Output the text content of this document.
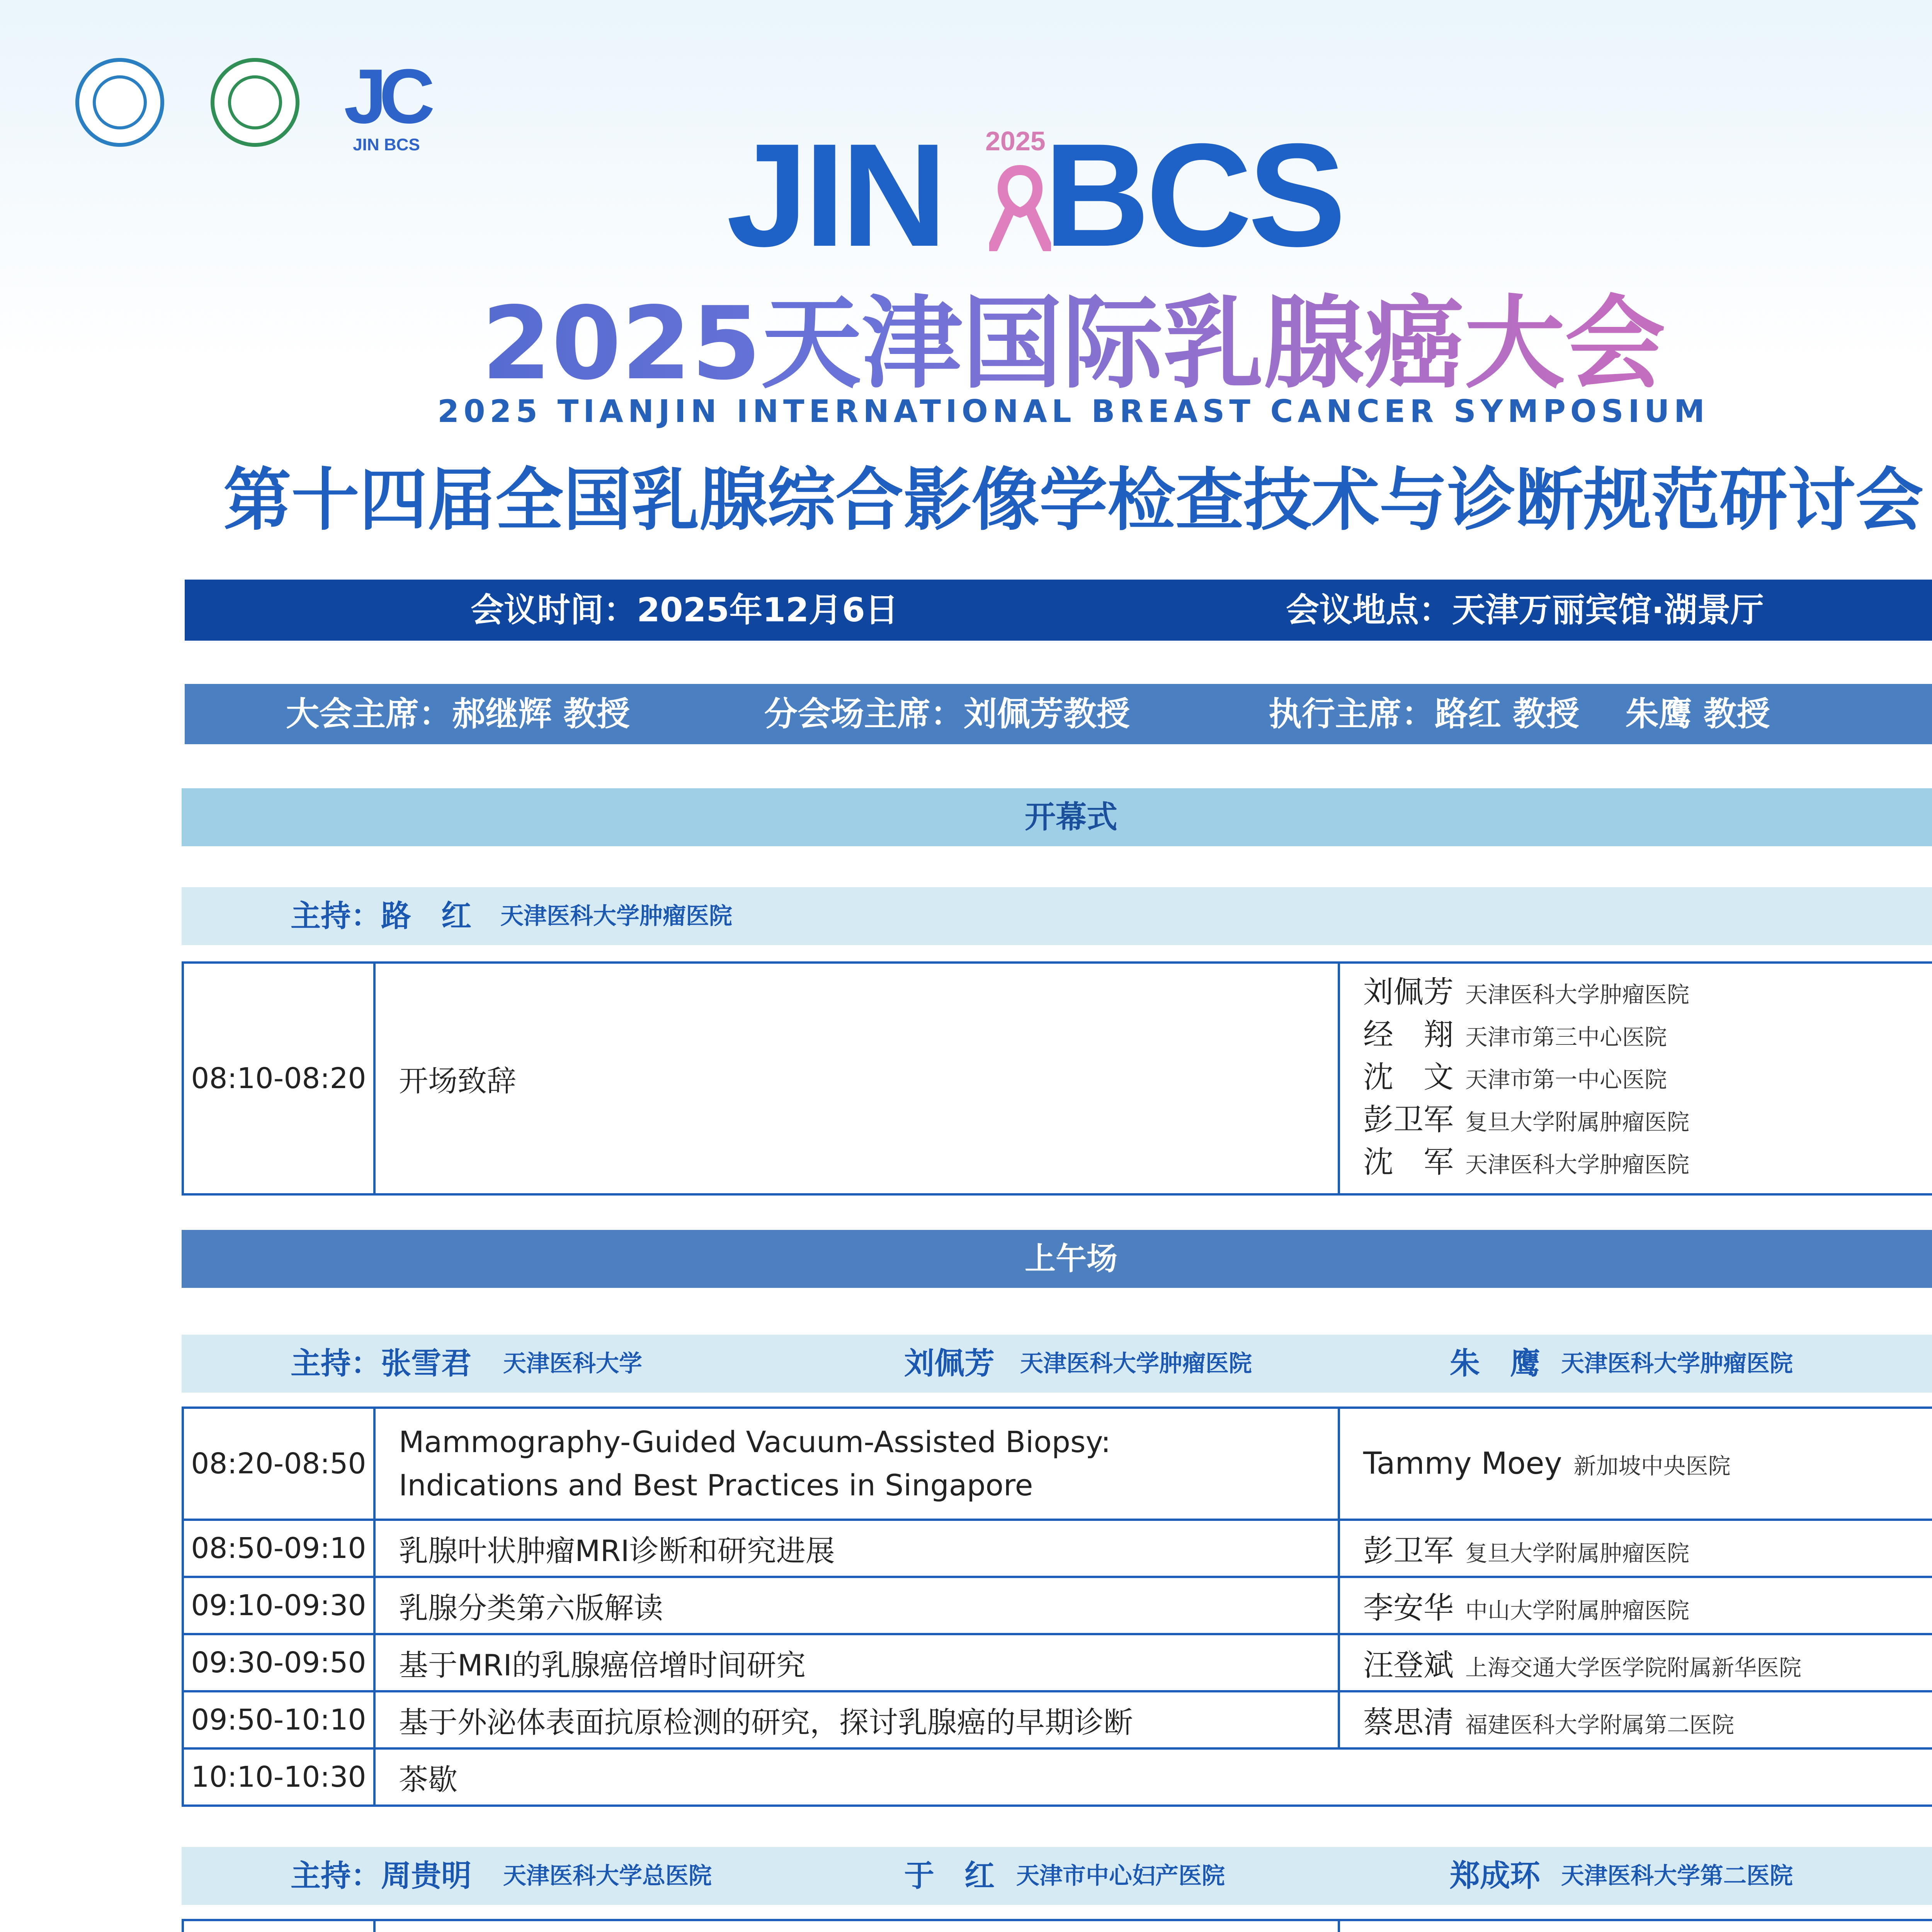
JC
JIN BCS JIN BCS
2025
2025天津国际乳腺癌大会
2025 TIANJIN INTERNATIONAL BREAST CANCER SYMPOSIUM
第十四届全国乳腺综合影像学检查技术与诊断规范研讨会
会议时间：2025年12月6日	会议地点：天津万丽宾馆·湖景厅
大会主席：郝继辉 教授	分会场主席：刘佩芳教授	执行主席：路红 教授    朱鹰 教授
开幕式
主持：路　红 天津医科大学肿瘤医院
08:10-08:20	开场致辞	
刘佩芳 天津医科大学肿瘤医院
经　翔 天津市第三中心医院
沈　文 天津市第一中心医院
彭卫军 复旦大学附属肿瘤医院
沈　军 天津医科大学肿瘤医院
上午场
主持：张雪君 天津医科大学	刘佩芳 天津医科大学肿瘤医院	朱　鹰 天津医科大学肿瘤医院
08:20-08:50	Mammography-Guided Vacuum-Assisted Biopsy:
Indications and Best Practices in Singapore	Tammy Moey 新加坡中央医院
08:50-09:10	乳腺叶状肿瘤MRI诊断和研究进展	彭卫军 复旦大学附属肿瘤医院
09:10-09:30	乳腺分类第六版解读	李安华 中山大学附属肿瘤医院
09:30-09:50	基于MRI的乳腺癌倍增时间研究	汪登斌 上海交通大学医学院附属新华医院
09:50-10:10	基于外泌体表面抗原检测的研究，探讨乳腺癌的早期诊断	蔡思清 福建医科大学附属第二医院
10:10-10:30	茶歇	
主持：周贵明 天津医科大学总医院	于　红 天津市中心妇产医院	郑成环 天津医科大学第二医院
